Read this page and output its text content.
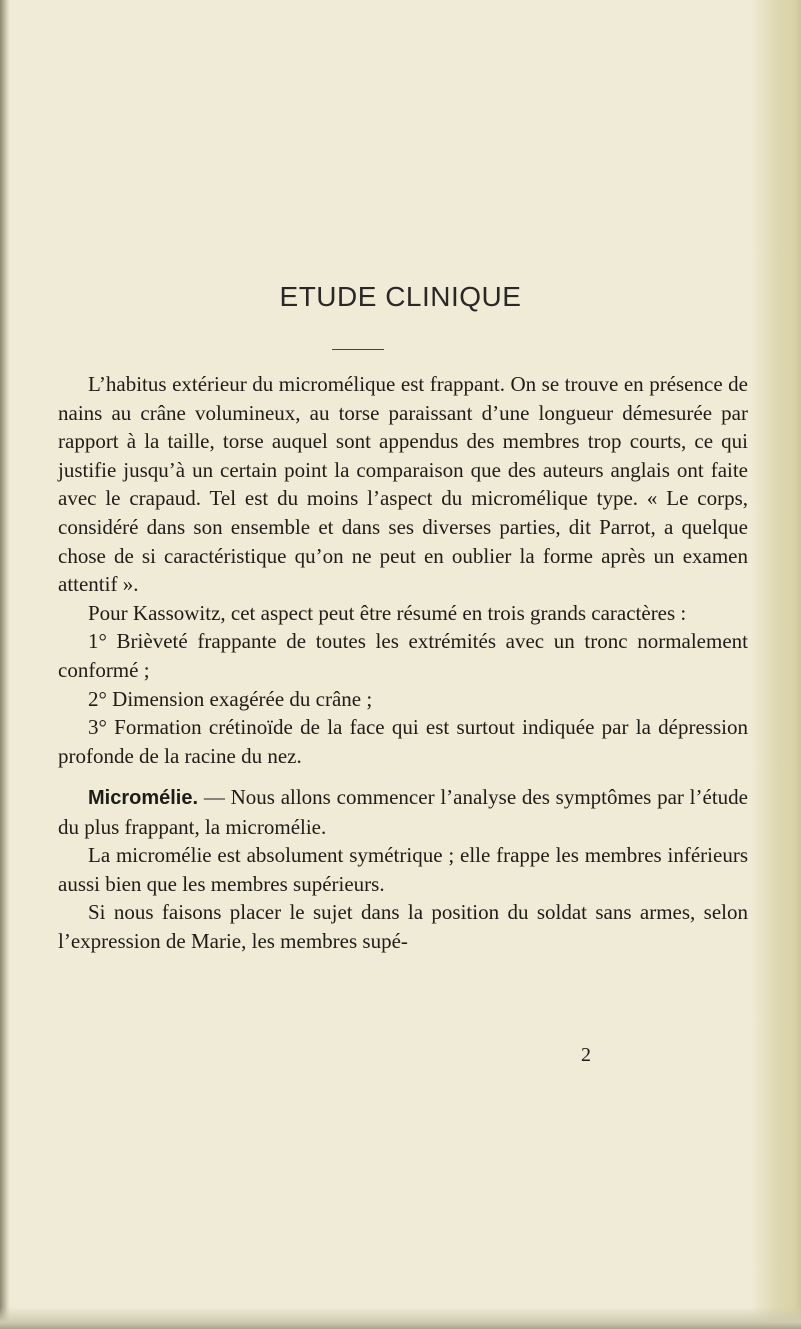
ETUDE CLINIQUE

L’habitus extérieur du micromélique est frappant. On se trouve en présence de nains au crâne volumineux, au torse paraissant d’une longueur démesurée par rapport à la taille, torse auquel sont appendus des membres trop courts, ce qui justifie jusqu’à un certain point la comparaison que des auteurs anglais ont faite avec le crapaud. Tel est du moins l’aspect du micromélique type. « Le corps, considéré dans son ensemble et dans ses diverses parties, dit Parrot, a quelque chose de si caractéristique qu’on ne peut en oublier la forme après un examen attentif ».

Pour Kassowitz, cet aspect peut être résumé en trois grands caractères :

1° Brièveté frappante de toutes les extrémités avec un tronc normalement conformé ;

2° Dimension exagérée du crâne ;

3° Formation crétinoïde de la face qui est surtout indiquée par la dépression profonde de la racine du nez.

Micromélie. — Nous allons commencer l’analyse des symptômes par l’étude du plus frappant, la micromélie.

La micromélie est absolument symétrique ; elle frappe les membres inférieurs aussi bien que les membres supérieurs.

Si nous faisons placer le sujet dans la position du soldat sans armes, selon l’expression de Marie, les membres supé-

2
